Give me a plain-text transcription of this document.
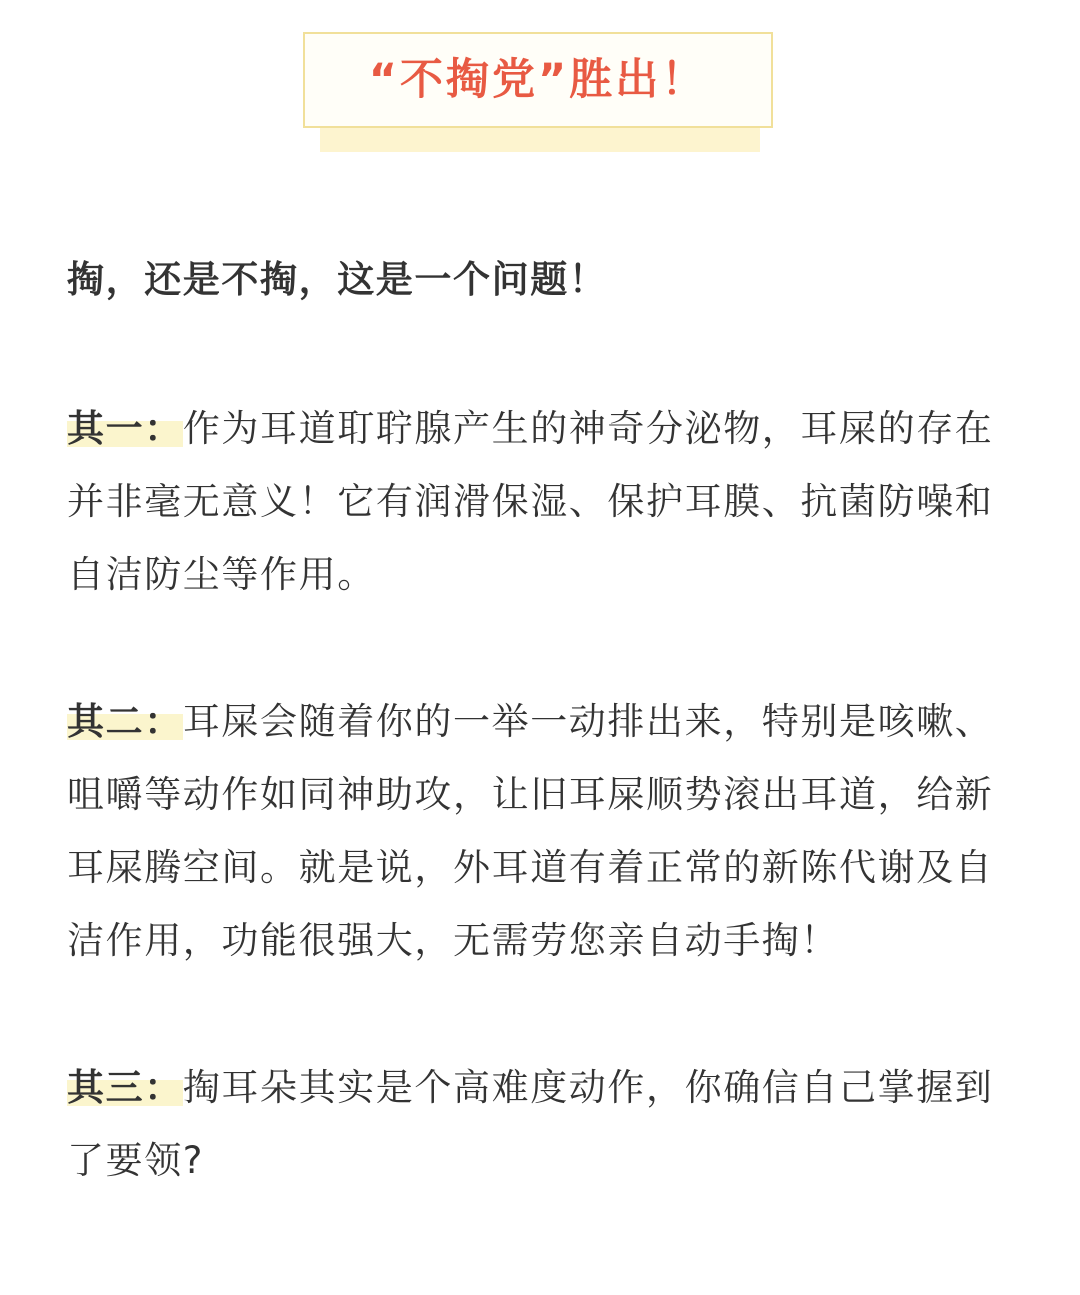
“不掏党”胜出！

掏，还是不掏，这是一个问题！

其一：作为耳道耵聍腺产生的神奇分泌物，耳屎的存在并非毫无意义！它有润滑保湿、保护耳膜、抗菌防噪和自洁防尘等作用。

其二：耳屎会随着你的一举一动排出来，特别是咳嗽、咀嚼等动作如同神助攻，让旧耳屎顺势滚出耳道，给新耳屎腾空间。就是说，外耳道有着正常的新陈代谢及自洁作用，功能很强大，无需劳您亲自动手掏！

其三：掏耳朵其实是个高难度动作，你确信自己掌握到了要领?
